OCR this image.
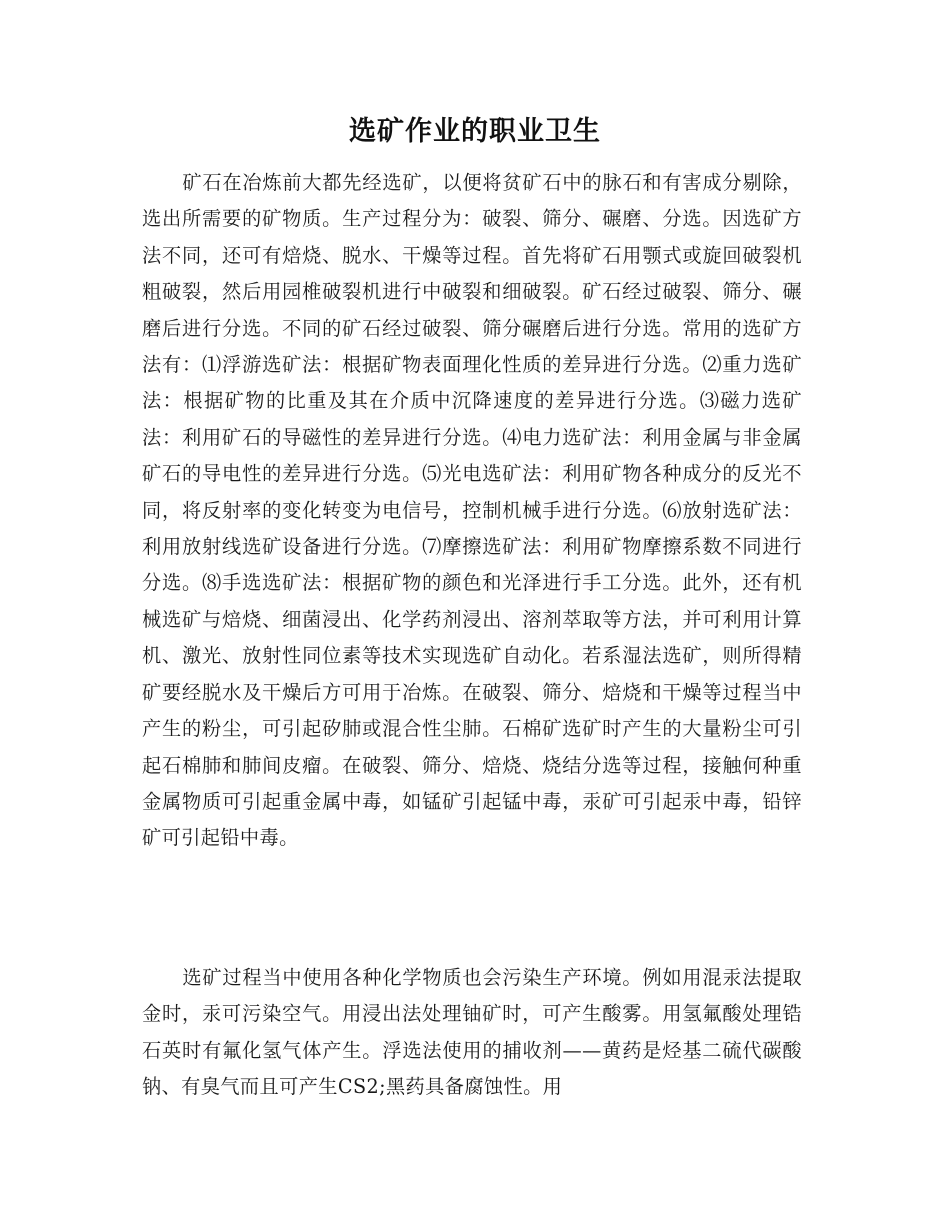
选矿作业的职业卫生

矿石在冶炼前大都先经选矿，以便将贫矿石中的脉石和有害成分剔除，选出所需要的矿物质。生产过程分为：破裂、筛分、碾磨、分选。因选矿方法不同，还可有焙烧、脱水、干燥等过程。首先将矿石用颚式或旋回破裂机粗破裂，然后用园椎破裂机进行中破裂和细破裂。矿石经过破裂、筛分、碾磨后进行分选。不同的矿石经过破裂、筛分碾磨后进行分选。常用的选矿方法有：⑴浮游选矿法：根据矿物表面理化性质的差异进行分选。⑵重力选矿法：根据矿物的比重及其在介质中沉降速度的差异进行分选。⑶磁力选矿法：利用矿石的导磁性的差异进行分选。⑷电力选矿法：利用金属与非金属矿石的导电性的差异进行分选。⑸光电选矿法：利用矿物各种成分的反光不同，将反射率的变化转变为电信号，控制机械手进行分选。⑹放射选矿法：利用放射线选矿设备进行分选。⑺摩擦选矿法：利用矿物摩擦系数不同进行分选。⑻手选选矿法：根据矿物的颜色和光泽进行手工分选。此外，还有机械选矿与焙烧、细菌浸出、化学药剂浸出、溶剂萃取等方法，并可利用计算机、激光、放射性同位素等技术实现选矿自动化。若系湿法选矿，则所得精矿要经脱水及干燥后方可用于冶炼。在破裂、筛分、焙烧和干燥等过程当中产生的粉尘，可引起矽肺或混合性尘肺。石棉矿选矿时产生的大量粉尘可引起石棉肺和肺间皮瘤。在破裂、筛分、焙烧、烧结分选等过程，接触何种重金属物质可引起重金属中毒，如锰矿引起锰中毒，汞矿可引起汞中毒，铅锌矿可引起铅中毒。

选矿过程当中使用各种化学物质也会污染生产环境。例如用混汞法提取金时，汞可污染空气。用浸出法处理铀矿时，可产生酸雾。用氢氟酸处理锆石英时有氟化氢气体产生。浮选法使用的捕收剂——黄药是烃基二硫代碳酸钠、有臭气而且可产生CS2;黑药具备腐蚀性。用
